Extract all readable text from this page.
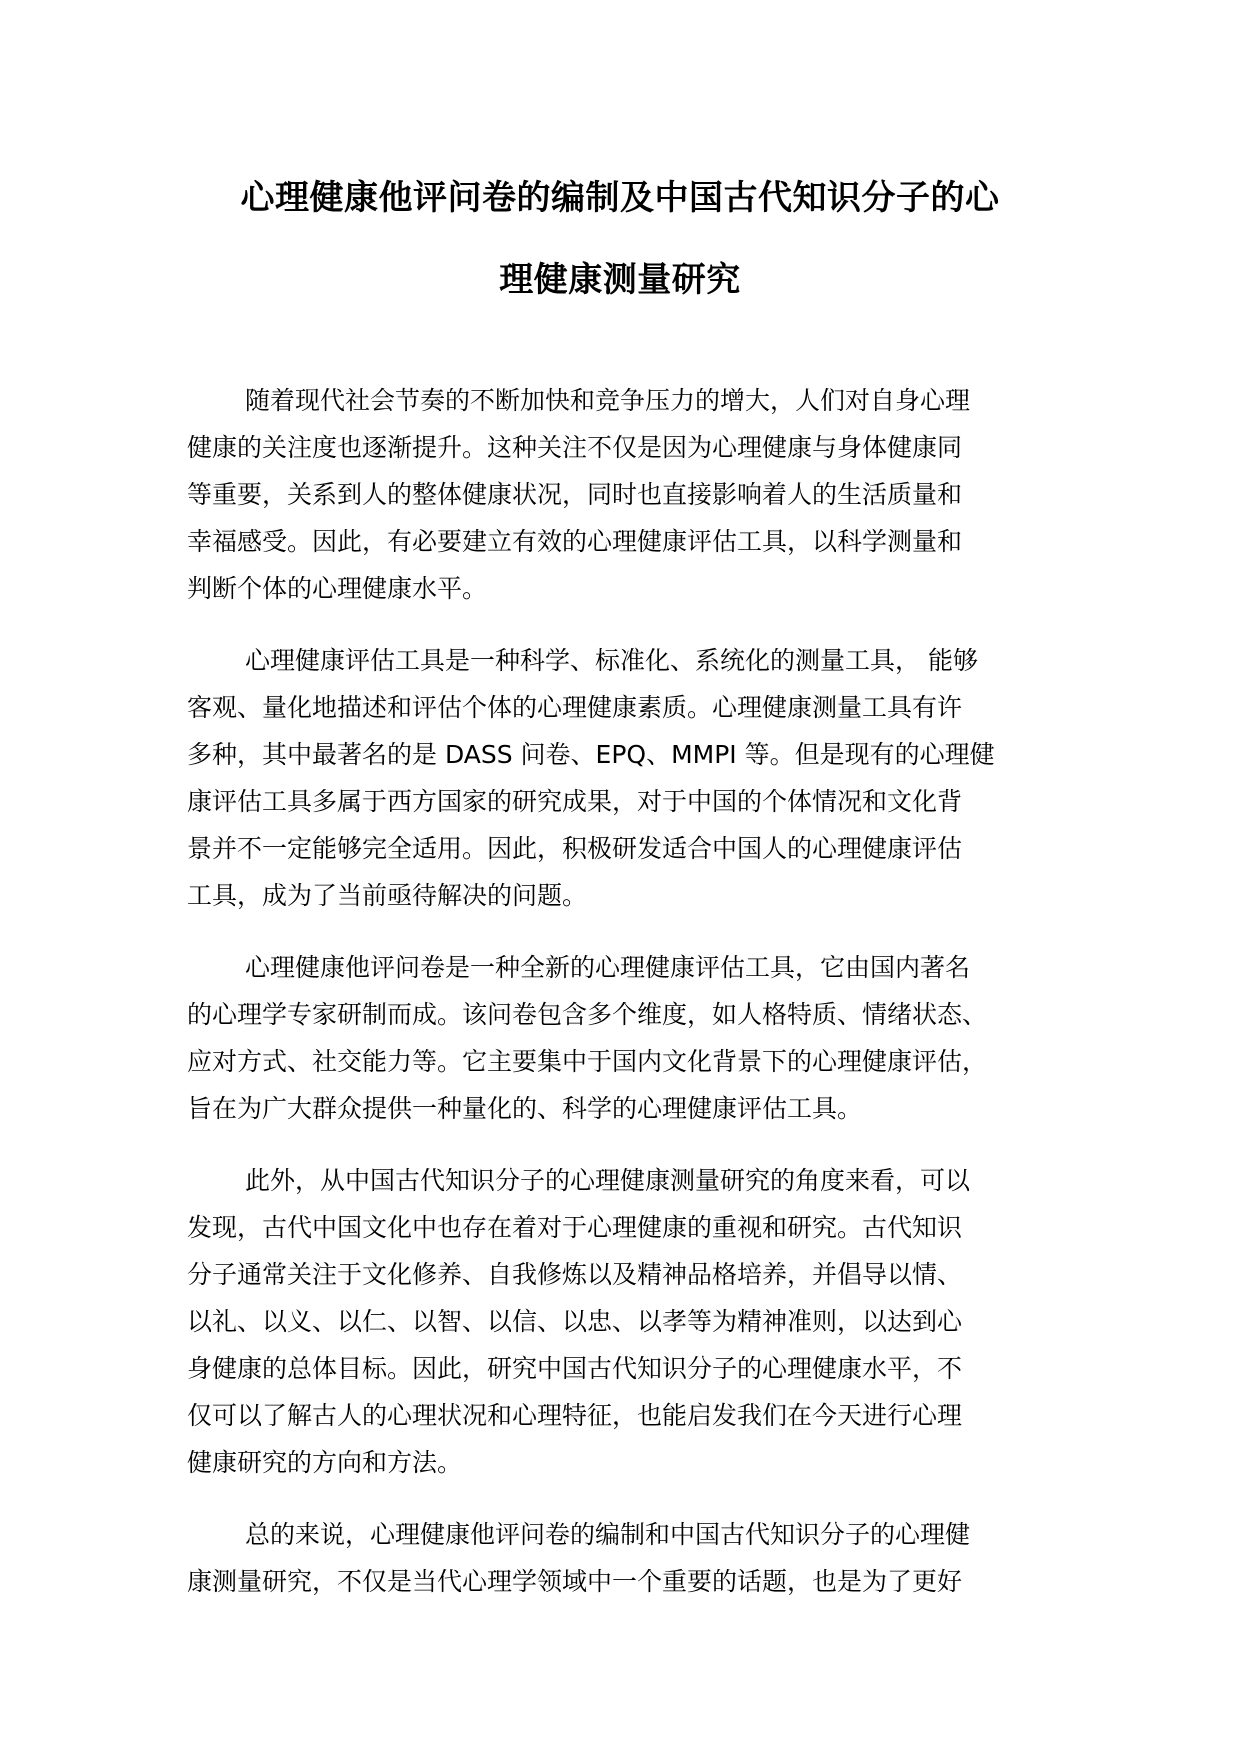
心理健康他评问卷的编制及中国古代知识分子的心
理健康测量研究
随着现代社会节奏的不断加快和竞争压力的增大，人们对自身心理
健康的关注度也逐渐提升。这种关注不仅是因为心理健康与身体健康同
等重要，关系到人的整体健康状况，同时也直接影响着人的生活质量和
幸福感受。因此，有必要建立有效的心理健康评估工具，以科学测量和
判断个体的心理健康水平。
心理健康评估工具是一种科学、标准化、系统化的测量工具， 能够
客观、量化地描述和评估个体的心理健康素质。心理健康测量工具有许
多种，其中最著名的是 DASS 问卷、EPQ、MMPI 等。但是现有的心理健
康评估工具多属于西方国家的研究成果，对于中国的个体情况和文化背
景并不一定能够完全适用。因此，积极研发适合中国人的心理健康评估
工具，成为了当前亟待解决的问题。
心理健康他评问卷是一种全新的心理健康评估工具，它由国内著名
的心理学专家研制而成。该问卷包含多个维度，如人格特质、情绪状态、
应对方式、社交能力等。它主要集中于国内文化背景下的心理健康评估，
旨在为广大群众提供一种量化的、科学的心理健康评估工具。
此外，从中国古代知识分子的心理健康测量研究的角度来看，可以
发现，古代中国文化中也存在着对于心理健康的重视和研究。古代知识
分子通常关注于文化修养、自我修炼以及精神品格培养，并倡导以情、
以礼、以义、以仁、以智、以信、以忠、以孝等为精神准则，以达到心
身健康的总体目标。因此，研究中国古代知识分子的心理健康水平，不
仅可以了解古人的心理状况和心理特征，也能启发我们在今天进行心理
健康研究的方向和方法。
总的来说，心理健康他评问卷的编制和中国古代知识分子的心理健
康测量研究，不仅是当代心理学领域中一个重要的话题，也是为了更好
